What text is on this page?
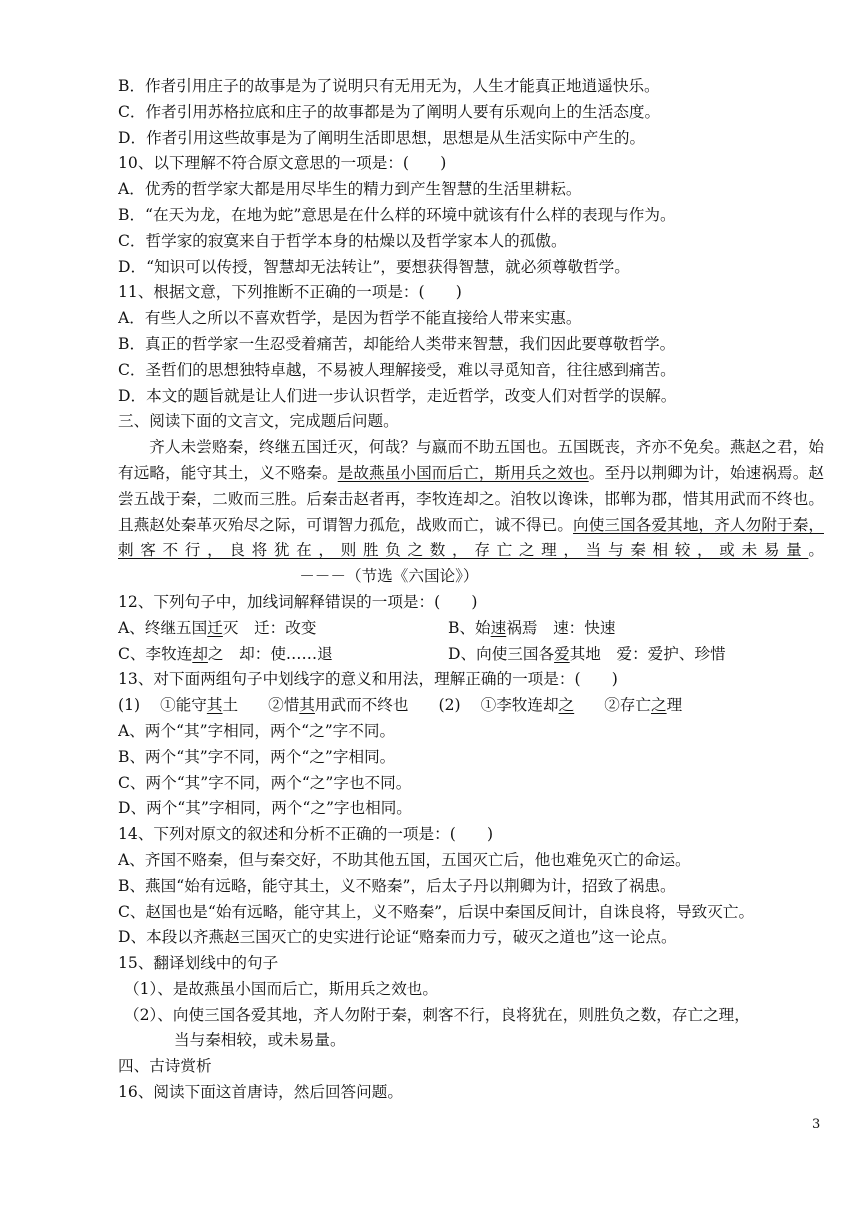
B．作者引用庄子的故事是为了说明只有无用无为，人生才能真正地逍遥快乐。
C．作者引用苏格拉底和庄子的故事都是为了阐明人要有乐观向上的生活态度。
D．作者引用这些故事是为了阐明生活即思想，思想是从生活实际中产生的。
10、以下理解不符合原文意思的一项是：(　　)
A．优秀的哲学家大都是用尽毕生的精力到产生智慧的生活里耕耘。
B．“在天为龙，在地为蛇”意思是在什么样的环境中就该有什么样的表现与作为。
C．哲学家的寂寞来自于哲学本身的枯燥以及哲学家本人的孤傲。
D．“知识可以传授，智慧却无法转让”，要想获得智慧，就必须尊敬哲学。
11、根据文意，下列推断不正确的一项是：(　　)
A．有些人之所以不喜欢哲学，是因为哲学不能直接给人带来实惠。
B．真正的哲学家一生忍受着痛苦，却能给人类带来智慧，我们因此要尊敬哲学。
C．圣哲们的思想独特卓越，不易被人理解接受，难以寻觅知音，往往感到痛苦。
D．本文的题旨就是让人们进一步认识哲学，走近哲学，改变人们对哲学的误解。
三、阅读下面的文言文，完成题后问题。
齐人未尝赂秦，终继五国迁灭，何哉？与嬴而不助五国也。五国既丧，齐亦不免矣。燕赵之君，始有远略，能守其土，义不赂秦。是故燕虽小国而后亡，斯用兵之效也。至丹以荆卿为计，始速祸焉。赵尝五战于秦，二败而三胜。后秦击赵者再，李牧连却之。洎牧以谗诛，邯郸为郡，惜其用武而不终也。且燕赵处秦革灭殆尽之际，可谓智力孤危，战败而亡，诚不得已。向使三国各爱其地，齐人勿附于秦，刺客不行，良将犹在，则胜负之数，存亡之理，当与秦相较，或未易量。－－－（节选《六国论》）
12、下列句子中，加线词解释错误的一项是：(　　)
A、终继五国迁灭　迁：改变	B、始速祸焉　速：快速
C、李牧连却之　却：使……退	D、向使三国各爱其地　爱：爱护、珍惜
13、对下面两组句子中划线字的意义和用法，理解正确的一项是：(　　)
(1) ①能守其土 ②惜其用武而不终也 (2) ①李牧连却之 ②存亡之理
A、两个“其”字相同，两个“之”字不同。
B、两个“其”字不同，两个“之”字相同。
C、两个“其”字不同，两个“之”字也不同。
D、两个“其”字相同，两个“之”字也相同。
14、下列对原文的叙述和分析不正确的一项是：(　　)
A、齐国不赂秦，但与秦交好，不助其他五国，五国灭亡后，他也难免灭亡的命运。
B、燕国“始有远略，能守其土，义不赂秦”，后太子丹以荆卿为计，招致了祸患。
C、赵国也是“始有远略，能守其上，义不赂秦”，后误中秦国反间计，自诛良将，导致灭亡。
D、本段以齐燕赵三国灭亡的史实进行论证“赂秦而力亏，破灭之道也”这一论点。
15、翻译划线中的句子
（1）、是故燕虽小国而后亡，斯用兵之效也。
（2）、向使三国各爱其地，齐人勿附于秦，刺客不行，良将犹在，则胜负之数，存亡之理，
当与秦相较，或未易量。
四、古诗赏析
16、阅读下面这首唐诗，然后回答问题。
3
